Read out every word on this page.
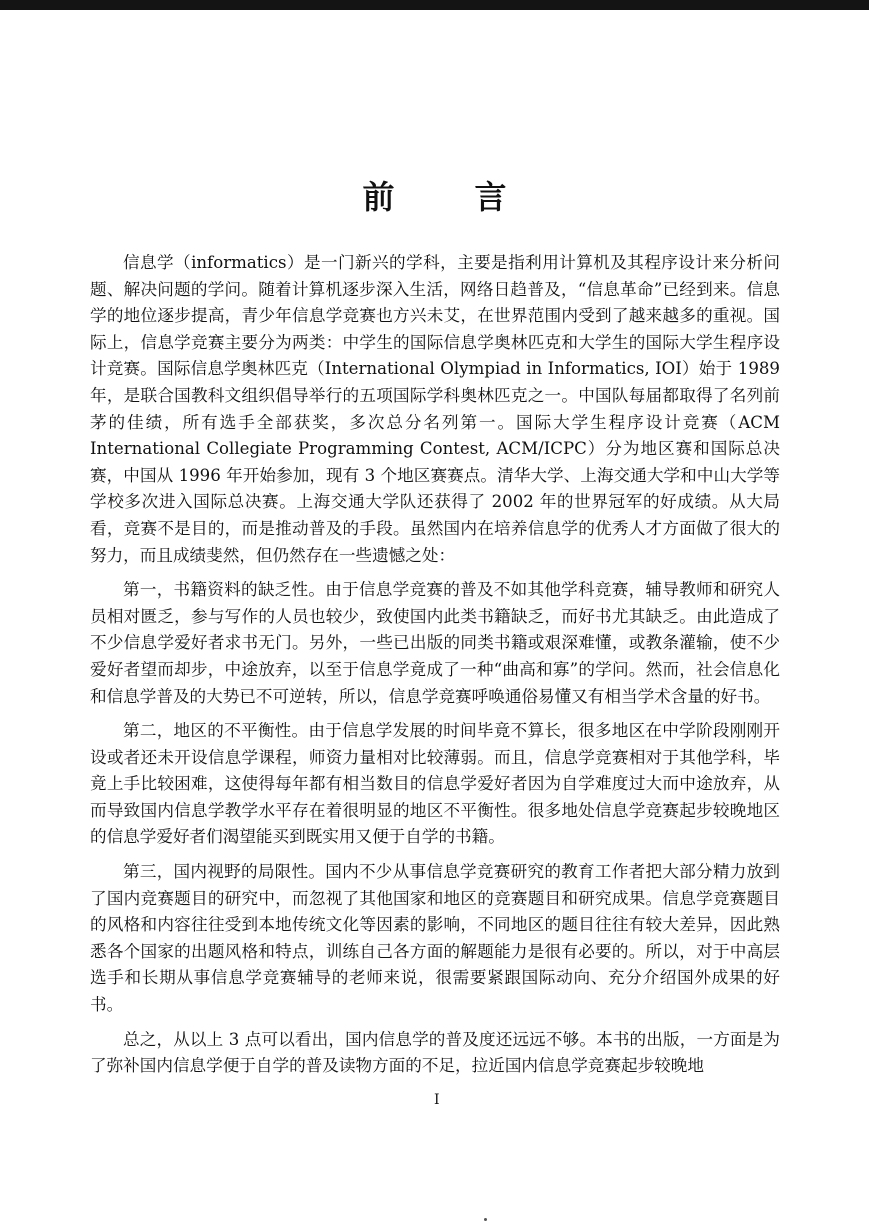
前言

信息学（informatics）是一门新兴的学科，主要是指利用计算机及其程序设计来分析问题、解决问题的学问。随着计算机逐步深入生活，网络日趋普及，“信息革命”已经到来。信息学的地位逐步提高，青少年信息学竞赛也方兴未艾，在世界范围内受到了越来越多的重视。国际上，信息学竞赛主要分为两类：中学生的国际信息学奥林匹克和大学生的国际大学生程序设计竞赛。国际信息学奥林匹克（International Olympiad in Informatics, IOI）始于 1989 年，是联合国教科文组织倡导举行的五项国际学科奥林匹克之一。中国队每届都取得了名列前茅的佳绩，所有选手全部获奖，多次总分名列第一。国际大学生程序设计竞赛（ACM International Collegiate Programming Contest, ACM/ICPC）分为地区赛和国际总决赛，中国从 1996 年开始参加，现有 3 个地区赛赛点。清华大学、上海交通大学和中山大学等学校多次进入国际总决赛。上海交通大学队还获得了 2002 年的世界冠军的好成绩。从大局看，竞赛不是目的，而是推动普及的手段。虽然国内在培养信息学的优秀人才方面做了很大的努力，而且成绩斐然，但仍然存在一些遗憾之处：

第一，书籍资料的缺乏性。由于信息学竞赛的普及不如其他学科竞赛，辅导教师和研究人员相对匮乏，参与写作的人员也较少，致使国内此类书籍缺乏，而好书尤其缺乏。由此造成了不少信息学爱好者求书无门。另外，一些已出版的同类书籍或艰深难懂，或教条灌输，使不少爱好者望而却步，中途放弃，以至于信息学竟成了一种“曲高和寡”的学问。然而，社会信息化和信息学普及的大势已不可逆转，所以，信息学竞赛呼唤通俗易懂又有相当学术含量的好书。

第二，地区的不平衡性。由于信息学发展的时间毕竟不算长，很多地区在中学阶段刚刚开设或者还未开设信息学课程，师资力量相对比较薄弱。而且，信息学竞赛相对于其他学科，毕竟上手比较困难，这使得每年都有相当数目的信息学爱好者因为自学难度过大而中途放弃，从而导致国内信息学教学水平存在着很明显的地区不平衡性。很多地处信息学竞赛起步较晚地区的信息学爱好者们渴望能买到既实用又便于自学的书籍。

第三，国内视野的局限性。国内不少从事信息学竞赛研究的教育工作者把大部分精力放到了国内竞赛题目的研究中，而忽视了其他国家和地区的竞赛题目和研究成果。信息学竞赛题目的风格和内容往往受到本地传统文化等因素的影响，不同地区的题目往往有较大差异，因此熟悉各个国家的出题风格和特点，训练自己各方面的解题能力是很有必要的。所以，对于中高层选手和长期从事信息学竞赛辅导的老师来说，很需要紧跟国际动向、充分介绍国外成果的好书。

总之，从以上 3 点可以看出，国内信息学的普及度还远远不够。本书的出版，一方面是为了弥补国内信息学便于自学的普及读物方面的不足，拉近国内信息学竞赛起步较晚地

I
